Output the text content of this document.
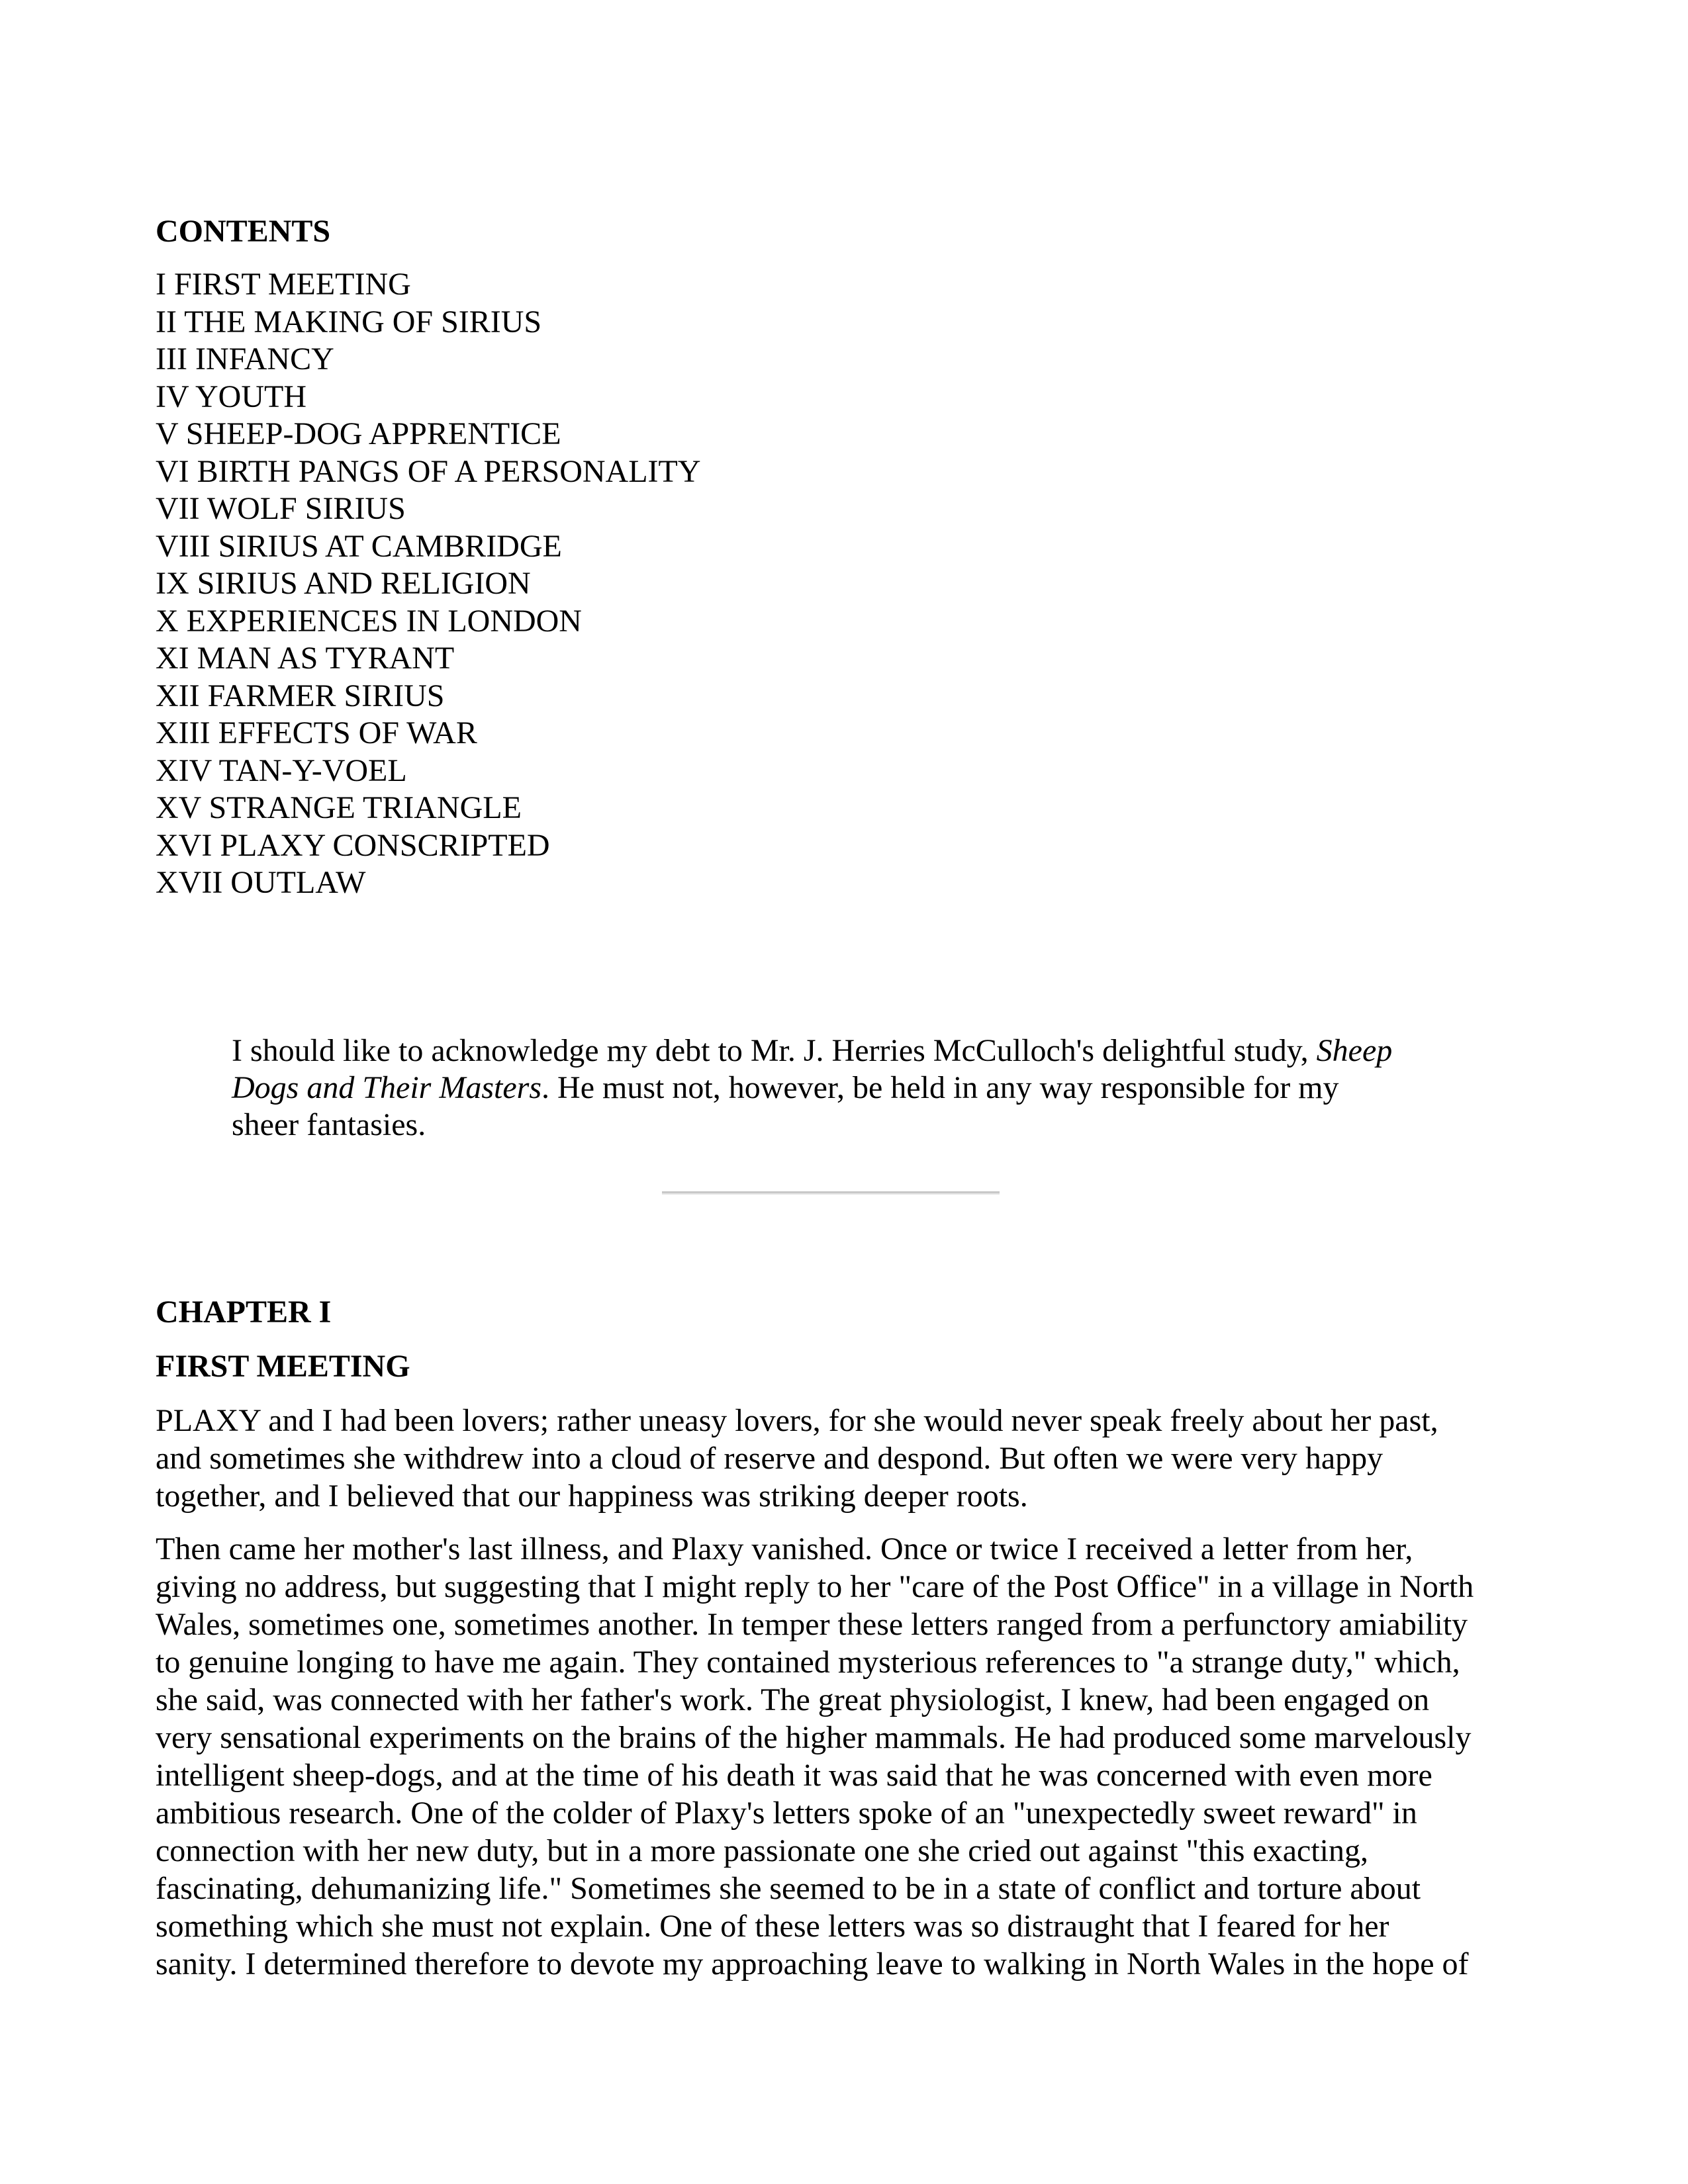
CONTENTS
I FIRST MEETING
II THE MAKING OF SIRIUS
III INFANCY
IV YOUTH
V SHEEP-DOG APPRENTICE
VI BIRTH PANGS OF A PERSONALITY
VII WOLF SIRIUS
VIII SIRIUS AT CAMBRIDGE
IX SIRIUS AND RELIGION
X EXPERIENCES IN LONDON
XI MAN AS TYRANT
XII FARMER SIRIUS
XIII EFFECTS OF WAR
XIV TAN-Y-VOEL
XV STRANGE TRIANGLE
XVI PLAXY CONSCRIPTED
XVII OUTLAW

I should like to acknowledge my debt to Mr. J. Herries McCulloch's delightful study, Sheep

Dogs and Their Masters. He must not, however, be held in any way responsible for my

sheer fantasies.

CHAPTER I
FIRST MEETING

PLAXY and I had been lovers; rather uneasy lovers, for she would never speak freely about her past,
and sometimes she withdrew into a cloud of reserve and despond. But often we were very happy
together, and I believed that our happiness was striking deeper roots.

Then came her mother's last illness, and Plaxy vanished. Once or twice I received a letter from her,
giving no address, but suggesting that I might reply to her "care of the Post Office" in a village in North
Wales, sometimes one, sometimes another. In temper these letters ranged from a perfunctory amiability
to genuine longing to have me again. They contained mysterious references to "a strange duty," which,
she said, was connected with her father's work. The great physiologist, I knew, had been engaged on
very sensational experiments on the brains of the higher mammals. He had produced some marvelously
intelligent sheep-dogs, and at the time of his death it was said that he was concerned with even more
ambitious research. One of the colder of Plaxy's letters spoke of an "unexpectedly sweet reward" in
connection with her new duty, but in a more passionate one she cried out against "this exacting,
fascinating, dehumanizing life." Sometimes she seemed to be in a state of conflict and torture about
something which she must not explain. One of these letters was so distraught that I feared for her
sanity. I determined therefore to devote my approaching leave to walking in North Wales in the hope of
